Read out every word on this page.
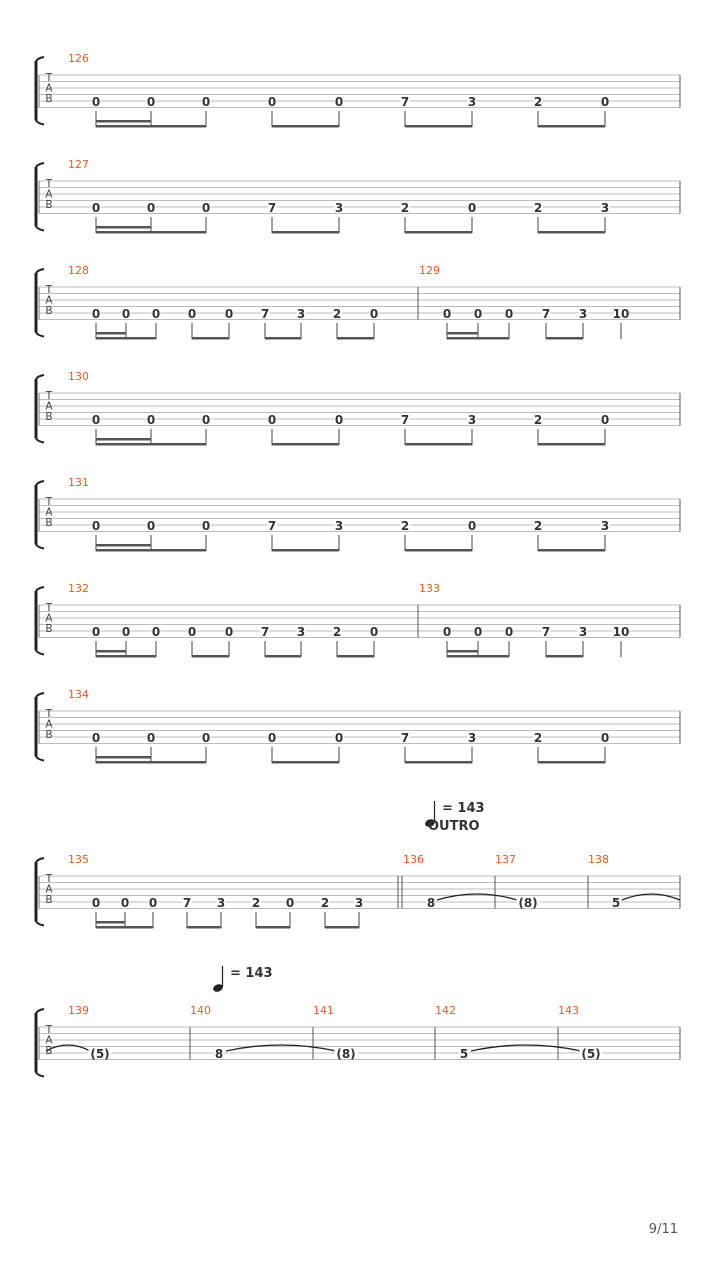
T
A
B
126
0	0	0	0	0	7	3	2	0
T
A
B
127
0	0	0	7	3	2	0	2	3
T
A
B
128
0 0 0 0 0 7 3 2 0
129
0 0 0 7 3 10
T
A
B
130
0	0	0	0	0	7	3	2	0
T
A
B
131
0	0	0	7	3	2	0	2	3
T
A
B
132
0 0 0 0 0 7 3 2 0
133
0 0 0 7 3 10
T
A
B
134
0	0	0	0	0	7	3	2	0
T
A
B
135
0 0 0 7 3 2 0 2 3
136
8
137
(8)
138
5
T
A
B
139
(5)
140
8
141
(8)
142
5
143
(5)
= 143
OUTRO
= 143
9/11
